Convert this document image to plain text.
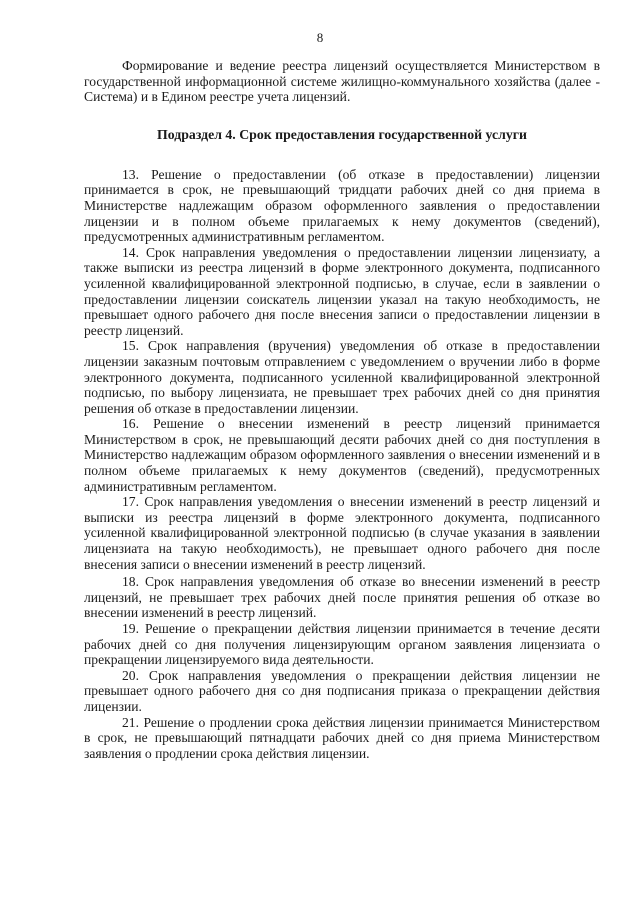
8

Формирование и ведение реестра лицензий осуществляется Министерством в государственной информационной системе жилищно-коммунального хозяйства (далее - Система) и в Едином реестре учета лицензий.

Подраздел 4. Срок предоставления государственной услуги

13. Решение о предоставлении (об отказе в предоставлении) лицензии принимается в срок, не превышающий тридцати рабочих дней со дня приема в Министерстве надлежащим образом оформленного заявления о предоставлении лицензии и в полном объеме прилагаемых к нему документов (сведений), предусмотренных административным регламентом.

14. Срок направления уведомления о предоставлении лицензии лицензиату, а также выписки из реестра лицензий в форме электронного документа, подписанного усиленной квалифицированной электронной подписью, в случае, если в заявлении о предоставлении лицензии соискатель лицензии указал на такую необходимость, не превышает одного рабочего дня после внесения записи о предоставлении лицензии в реестр лицензий.

15. Срок направления (вручения) уведомления об отказе в предоставлении лицензии заказным почтовым отправлением с уведомлением о вручении либо в форме электронного документа, подписанного усиленной квалифицированной электронной подписью, по выбору лицензиата, не превышает трех рабочих дней со дня принятия решения об отказе в предоставлении лицензии.

16. Решение о внесении изменений в реестр лицензий принимается Министерством в срок, не превышающий десяти рабочих дней со дня поступления в Министерство надлежащим образом оформленного заявления о внесении изменений и в полном объеме прилагаемых к нему документов (сведений), предусмотренных административным регламентом.

17. Срок направления уведомления о внесении изменений в реестр лицензий и выписки из реестра лицензий в форме электронного документа, подписанного усиленной квалифицированной электронной подписью (в случае указания в заявлении лицензиата на такую необходимость), не превышает одного рабочего дня после внесения записи о внесении изменений в реестр лицензий.

18. Срок направления уведомления об отказе во внесении изменений в реестр лицензий, не превышает трех рабочих дней после принятия решения об отказе во внесении изменений в реестр лицензий.

19. Решение о прекращении действия лицензии принимается в течение десяти рабочих дней со дня получения лицензирующим органом заявления лицензиата о прекращении лицензируемого вида деятельности.

20. Срок направления уведомления о прекращении действия лицензии не превышает одного рабочего дня со дня подписания приказа о прекращении действия лицензии.

21. Решение о продлении срока действия лицензии принимается Министерством в срок, не превышающий пятнадцати рабочих дней со дня приема Министерством заявления о продлении срока действия лицензии.
